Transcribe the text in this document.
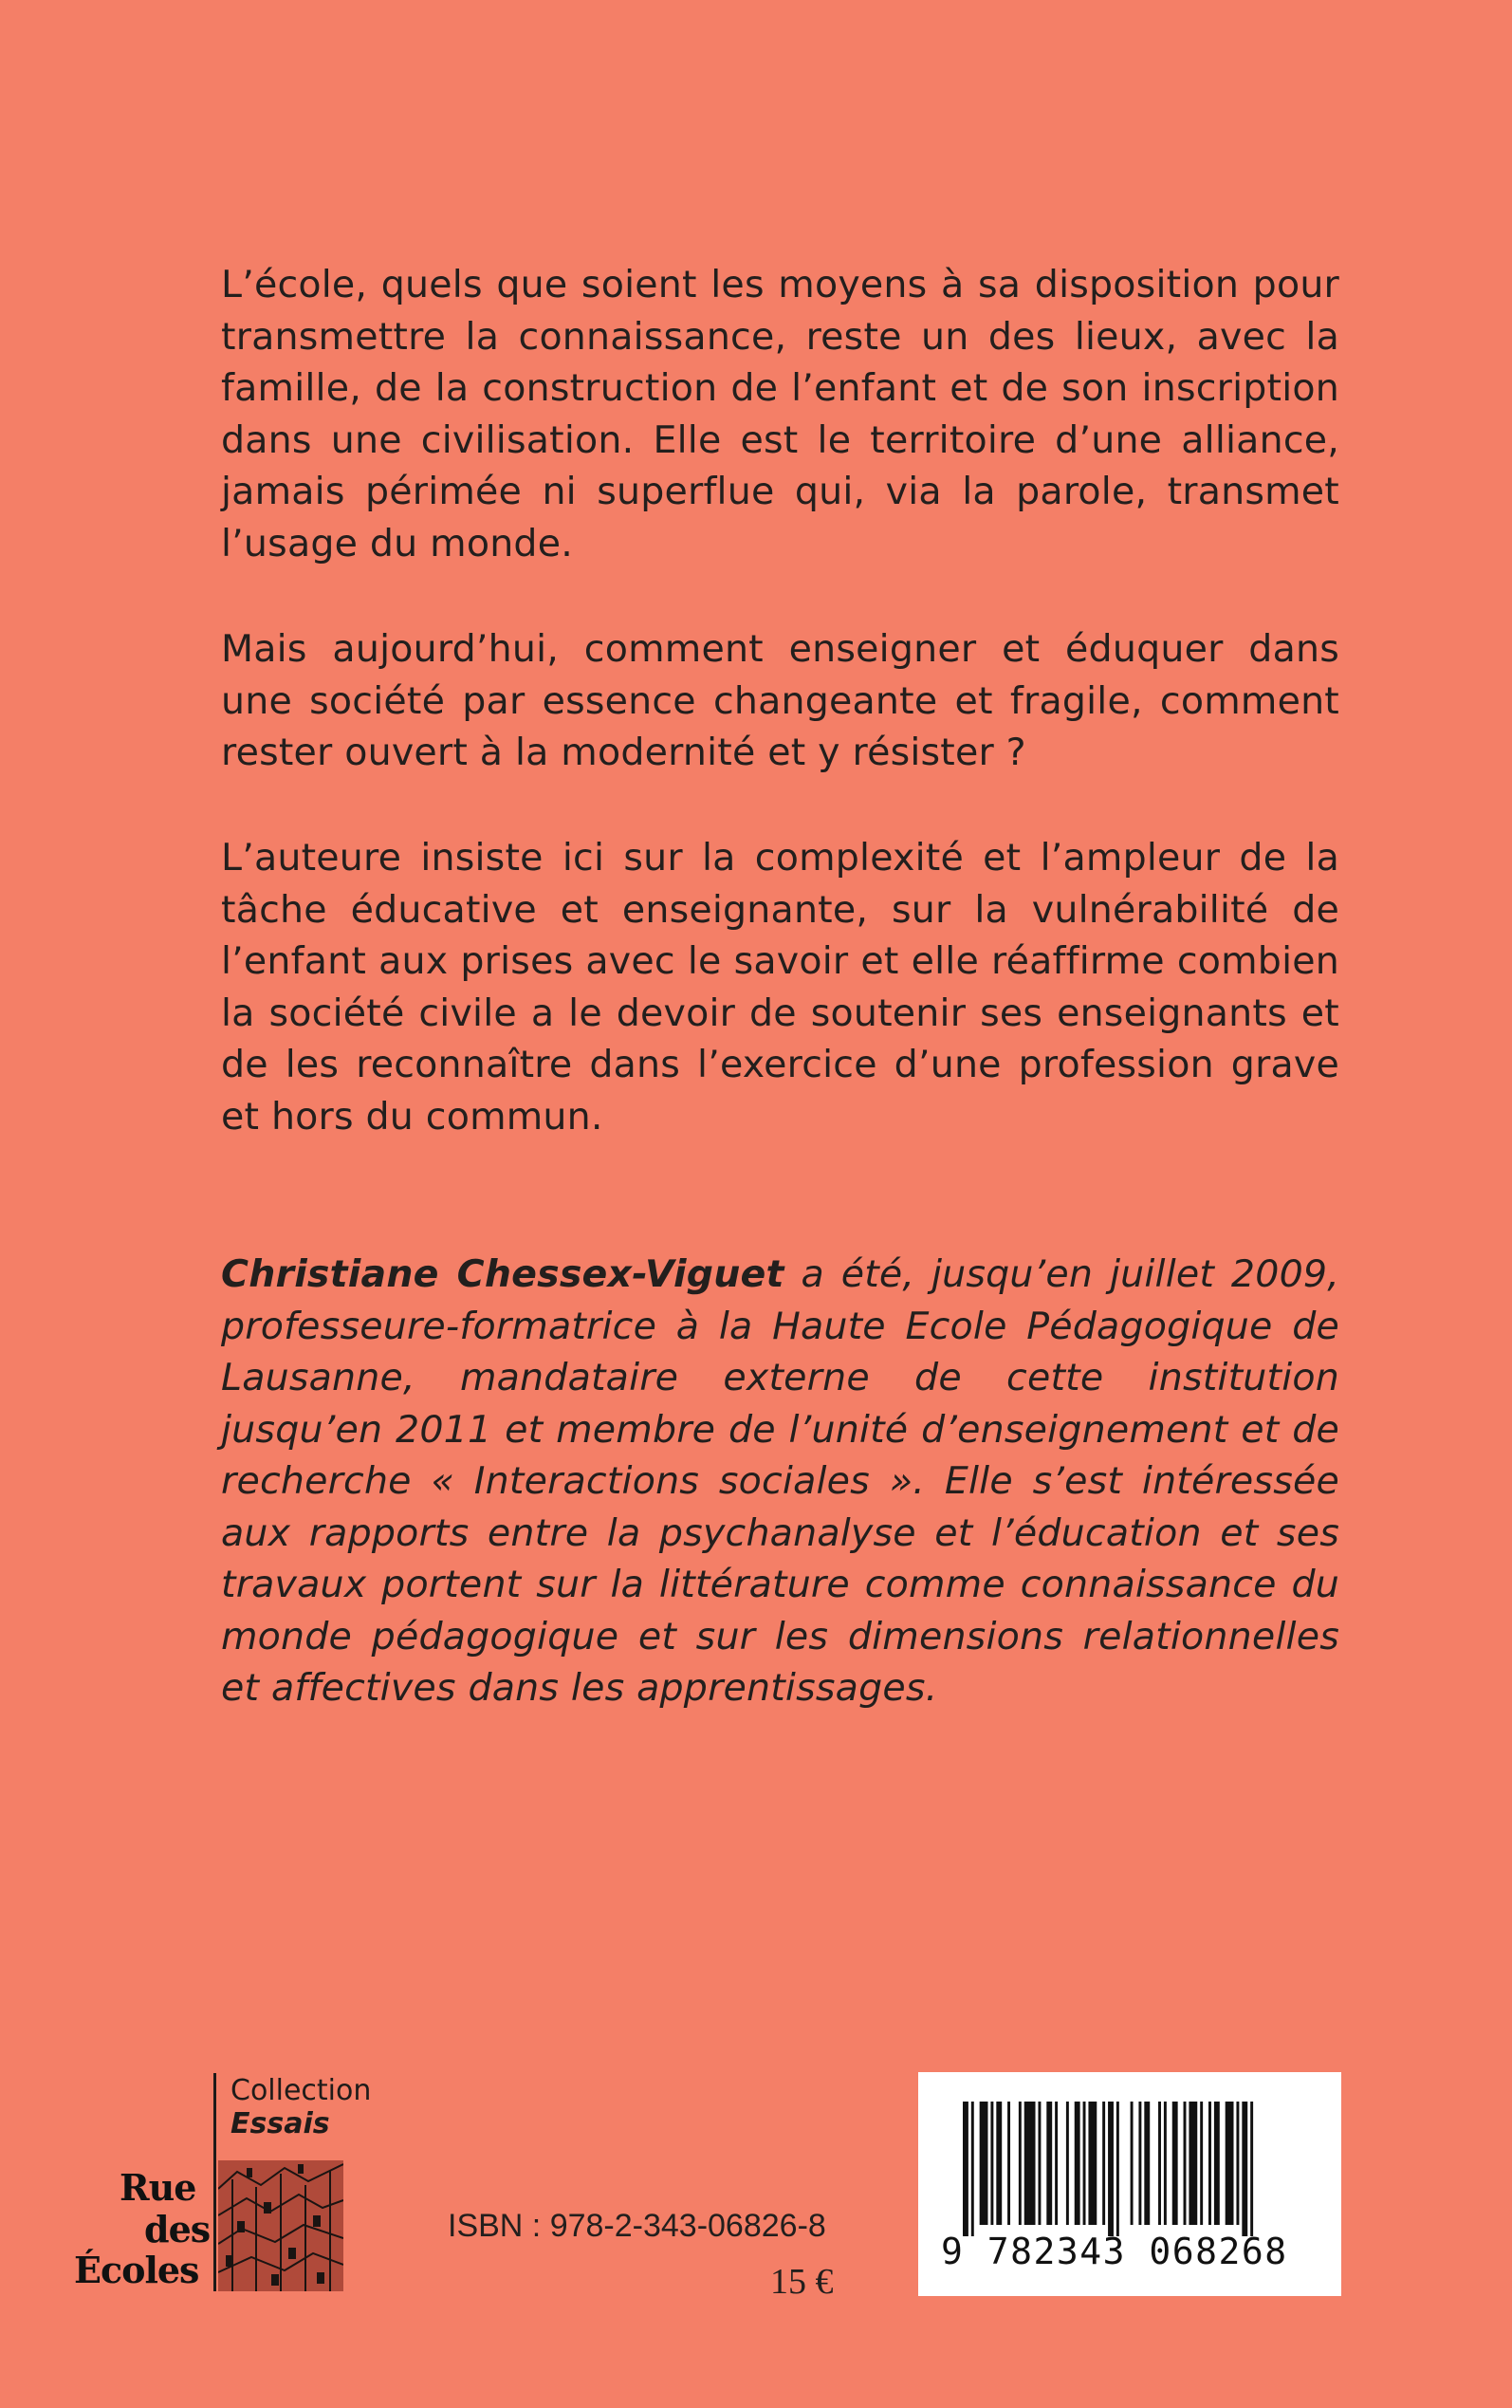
L’école, quels que soient les moyens à sa disposition pour transmettre la connaissance, reste un des lieux, avec la famille, de la construction de l’enfant et de son inscription dans une civilisation. Elle est le territoire d’une alliance, jamais périmée ni superflue qui, via la parole, transmet l’usage du monde.

Mais aujourd’hui, comment enseigner et éduquer dans une société par essence changeante et fragile, comment rester ouvert à la modernité et y résister ?

L’auteure insiste ici sur la complexité et l’ampleur de la tâche éducative et enseignante, sur la vulnérabilité de l’enfant aux prises avec le savoir et elle réaffirme combien la société civile a le devoir de soutenir ses enseignants et de les reconnaître dans l’exercice d’une profession grave et hors du commun.

Christiane Chessex-Viguet a été, jusqu’en juillet 2009, professeure-formatrice à la Haute Ecole Pédagogique de Lausanne, mandataire externe de cette institution jusqu’en 2011 et membre de l’unité d’enseignement et de recherche « Interactions sociales ». Elle s’est intéressée aux rapports entre la psychanalyse et l’éducation et ses travaux portent sur la littérature comme connaissance du monde pédagogique et sur les dimensions relationnelles et affectives dans les apprentissages.

Collection
Essais
Rue
des
Écoles
ISBN : 978-2-343-06826-8
15 €
9 782343 068268
